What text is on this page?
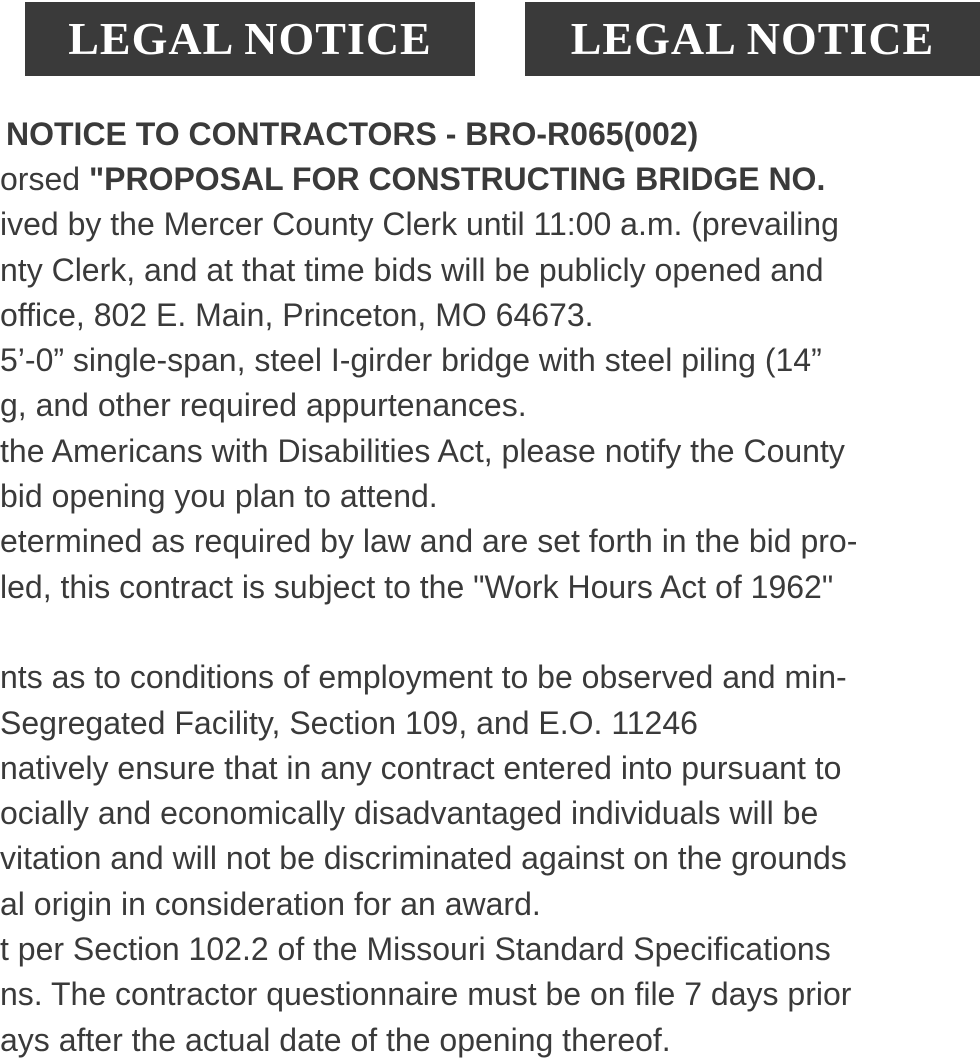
LEGAL NOTICE	LEGAL NOTICE
NOTICE TO CONTRACTORS - BRO-R065(002)
orsed "PROPOSAL FOR CONSTRUCTING BRIDGE NO.
ived by the Mercer County Clerk until 11:00 a.m. (prevailing
nty Clerk, and at that time bids will be publicly opened and
office, 802 E. Main, Princeton, MO 64673.
5’-0” single-span, steel I-girder bridge with steel piling (14”
g, and other required appurtenances.
the Americans with Disabilities Act, please notify the County
bid opening you plan to attend.
etermined as required by law and are set forth in the bid pro-
led, this contract is subject to the "Work Hours Act of 1962"
nts as to conditions of employment to be observed and min-
Segregated Facility, Section 109, and E.O. 11246
natively ensure that in any contract entered into pursuant to
ocially and economically disadvantaged individuals will be
vitation and will not be discriminated against on the grounds
al origin in consideration for an award.
t per Section 102.2 of the Missouri Standard Specifications
ns. The contractor questionnaire must be on file 7 days prior
ays after the actual date of the opening thereof.
